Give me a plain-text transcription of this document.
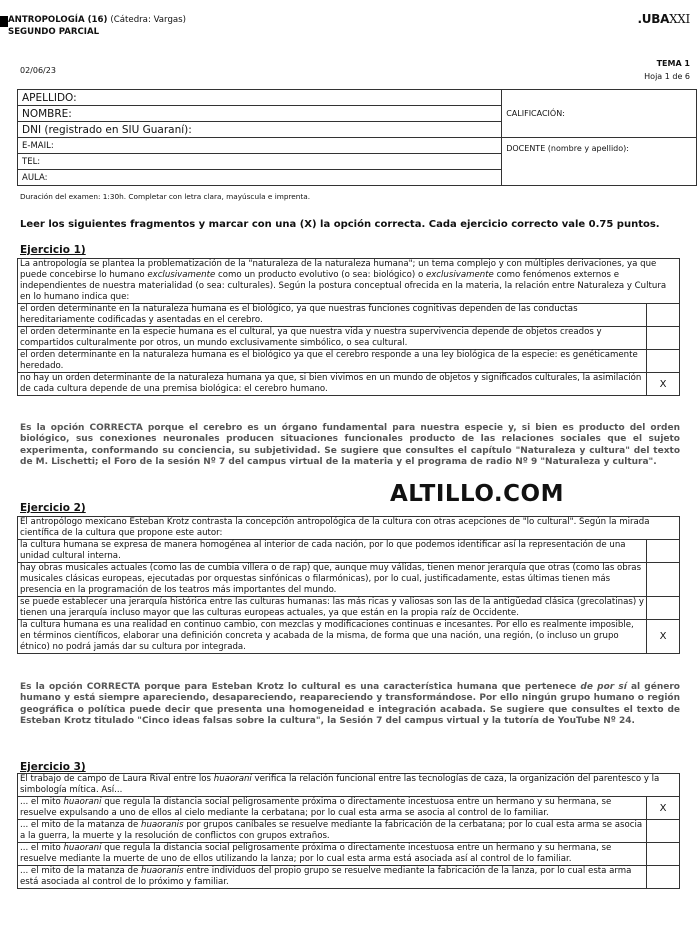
ANTROPOLOGÍA (16) (Cátedra: Vargas)
SEGUNDO PARCIAL
.UBAXXI
02/06/23
TEMA 1
Hoja 1 de 6
APELLIDO:	CALIFICACIÓN:
NOMBRE:	
DNI (registrado en SIU Guaraní):	
E-MAIL:	DOCENTE (nombre y apellido):
TEL:	
AULA:	
Duración del examen: 1:30h. Completar con letra clara, mayúscula e imprenta.
Leer los siguientes fragmentos y marcar con una (X) la opción correcta. Cada ejercicio correcto vale 0.75 puntos.
Ejercicio 1)
La antropología se plantea la problematización de la "naturaleza de la naturaleza humana"; un tema complejo y con múltiples derivaciones, ya que puede concebirse lo humano exclusivamente como un producto evolutivo (o sea: biológico) o exclusivamente como fenómenos externos e independientes de nuestra materialidad (o sea: culturales). Según la postura conceptual ofrecida en la materia, la relación entre Naturaleza y Cultura en lo humano indica que:	
el orden determinante en la naturaleza humana es el biológico, ya que nuestras funciones cognitivas dependen de las conductas hereditariamente codificadas y asentadas en el cerebro.	
el orden determinante en la especie humana es el cultural, ya que nuestra vida y nuestra supervivencia depende de objetos creados y compartidos culturalmente por otros, un mundo exclusivamente simbólico, o sea cultural.	
el orden determinante en la naturaleza humana es el biológico ya que el cerebro responde a una ley biológica de la especie: es genéticamente heredado.	
no hay un orden determinante de la naturaleza humana ya que, si bien vivimos en un mundo de objetos y significados culturales, la asimilación de cada cultura depende de una premisa biológica: el cerebro humano.	X
Es la opción CORRECTA porque el cerebro es un órgano fundamental para nuestra especie y, si bien es producto del orden biológico, sus conexiones neuronales producen situaciones funcionales producto de las relaciones sociales que el sujeto experimenta, conformando su conciencia, su subjetividad. Se sugiere que consultes el capítulo "Naturaleza y cultura" del texto de M. Lischetti; el Foro de la sesión Nº 7 del campus virtual de la materia y el programa de radio Nº 9 "Naturaleza y cultura".
ALTILLO.COM
Ejercicio 2)
El antropólogo mexicano Esteban Krotz contrasta la concepción antropológica de la cultura con otras acepciones de "lo cultural". Según la mirada científica de la cultura que propone este autor:	
la cultura humana se expresa de manera homogénea al interior de cada nación, por lo que podemos identificar así la representación de una unidad cultural interna.	
hay obras musicales actuales (como las de cumbia villera o de rap) que, aunque muy válidas, tienen menor jerarquía que otras (como las obras musicales clásicas europeas, ejecutadas por orquestas sinfónicas o filarmónicas), por lo cual, justificadamente, estas últimas tienen más presencia en la programación de los teatros más importantes del mundo.	
se puede establecer una jerarquía histórica entre las culturas humanas: las más ricas y valiosas son las de la antigüedad clásica (grecolatinas) y tienen una jerarquía incluso mayor que las culturas europeas actuales, ya que están en la propia raíz de Occidente.	
la cultura humana es una realidad en continuo cambio, con mezclas y modificaciones continuas e incesantes. Por ello es realmente imposible, en términos científicos, elaborar una definición concreta y acabada de la misma, de forma que una nación, una región, (o incluso un grupo étnico) no podrá jamás dar su cultura por integrada.	X
Es la opción CORRECTA porque para Esteban Krotz lo cultural es una característica humana que pertenece de por sí al género humano y está siempre apareciendo, desapareciendo, reapareciendo y transformándose. Por ello ningún grupo humano o región geográfica o política puede decir que presenta una homogeneidad e integración acabada. Se sugiere que consultes el texto de Esteban Krotz titulado "Cinco ideas falsas sobre la cultura", la Sesión 7 del campus virtual y la tutoría de YouTube Nº 24.
Ejercicio 3)
El trabajo de campo de Laura Rival entre los huaorani verifica la relación funcional entre las tecnologías de caza, la organización del parentesco y la simbología mítica. Así...	
... el mito huaorani que regula la distancia social peligrosamente próxima o directamente incestuosa entre un hermano y su hermana, se resuelve expulsando a uno de ellos al cielo mediante la cerbatana; por lo cual esta arma se asocia al control de lo familiar.	X
... el mito de la matanza de huaoranis por grupos caníbales se resuelve mediante la fabricación de la cerbatana; por lo cual esta arma se asocia a la guerra, la muerte y la resolución de conflictos con grupos extraños.	
... el mito huaorani que regula la distancia social peligrosamente próxima o directamente incestuosa entre un hermano y su hermana, se resuelve mediante la muerte de uno de ellos utilizando la lanza; por lo cual esta arma está asociada así al control de lo familiar.	
... el mito de la matanza de huaoranis entre individuos del propio grupo se resuelve mediante la fabricación de la lanza, por lo cual esta arma está asociada al control de lo próximo y familiar.	
